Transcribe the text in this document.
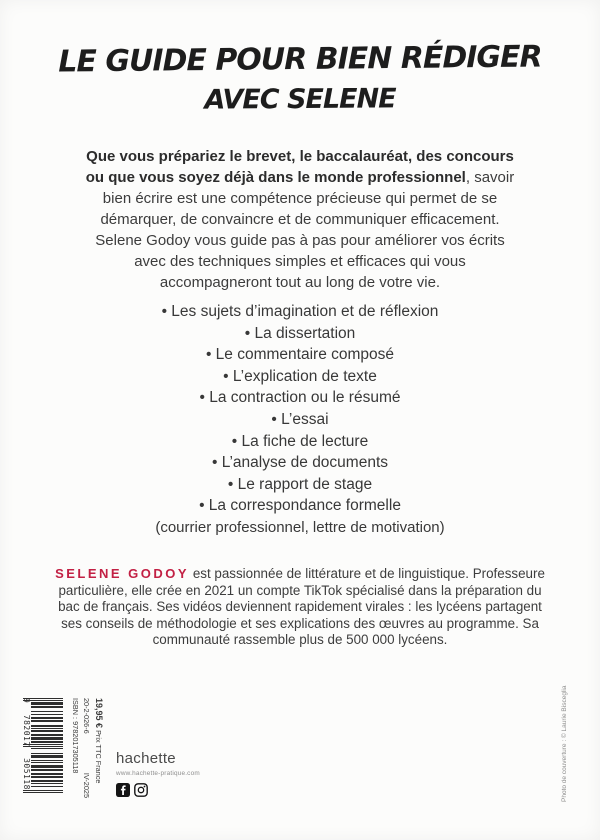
LE GUIDE POUR BIEN RÉDIGER
AVEC SELENE

Que vous prépariez le brevet, le baccalauréat, des concours ou que vous soyez déjà dans le monde professionnel, savoir bien écrire est une compétence précieuse qui permet de se démarquer, de convaincre et de communiquer efficacement. Selene Godoy vous guide pas à pas pour améliorer vos écrits avec des techniques simples et efficaces qui vous accompagneront tout au long de votre vie.

• Les sujets d’imagination et de réflexion
• La dissertation
• Le commentaire composé
• L’explication de texte
• La contraction ou le résumé
• L’essai
• La fiche de lecture
• L’analyse de documents
• Le rapport de stage
• La correspondance formelle
(courrier professionnel, lettre de motivation)

SELENE GODOY est passionnée de littérature et de linguistique. Professeure particulière, elle crée en 2021 un compte TikTok spécialisé dans la préparation du bac de français. Ses vidéos deviennent rapidement virales : les lycéens partagent ses conseils de méthodologie et ses explications des œuvres au programme. Sa communauté rassemble plus de 500 000 lycéens.

9
782017
305118
19,95 € Prix TTC France
20-2-026-6
IV-2025
ISBN : 9782017305118 hachette
www.hachette-pratique.com	Photo de couverture : © Laurie Bisceglia
